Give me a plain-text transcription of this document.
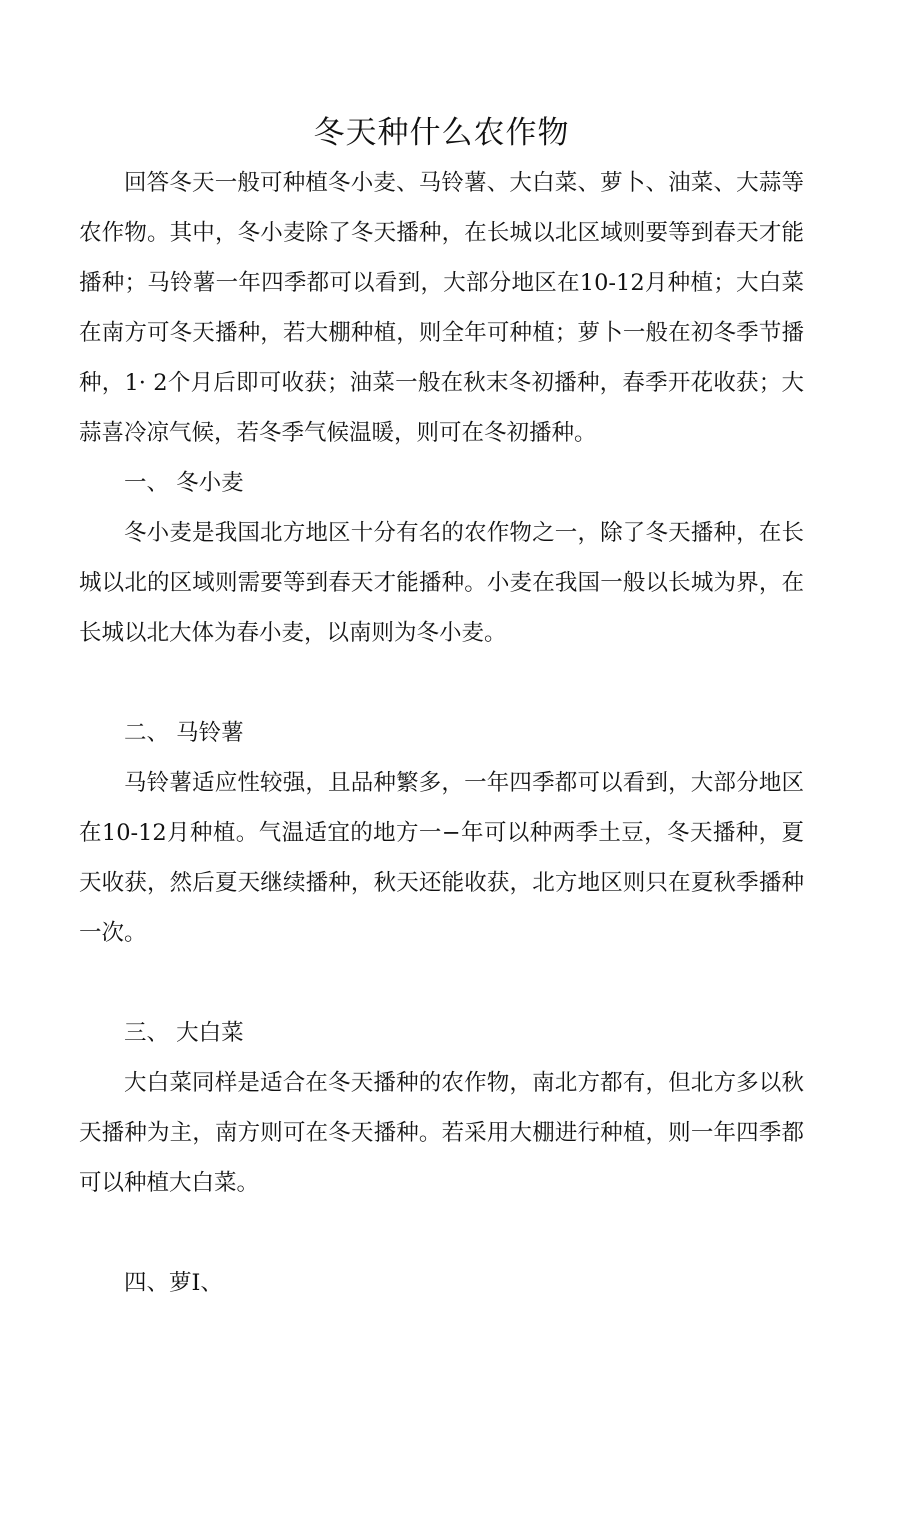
冬天种什么农作物

回答冬天一般可种植冬小麦、马铃薯、大白菜、萝卜、油菜、大蒜等农作物。其中，冬小麦除了冬天播种，在长城以北区域则要等到春天才能播种；马铃薯一年四季都可以看到，大部分地区在10-12月种植；大白菜在南方可冬天播种，若大棚种植，则全年可种植；萝卜一般在初冬季节播种，1· 2个月后即可收获；油菜一般在秋末冬初播种，春季开花收获；大蒜喜冷凉气候，若冬季气候温暖，则可在冬初播种。

一、 冬小麦

冬小麦是我国北方地区十分有名的农作物之一，除了冬天播种，在长城以北的区域则需要等到春天才能播种。小麦在我国一般以长城为界，在长城以北大体为春小麦，以南则为冬小麦。

二、 马铃薯

马铃薯适应性较强，且品种繁多，一年四季都可以看到，大部分地区在10-12月种植。气温适宜的地方一−年可以种两季土豆，冬天播种，夏天收获，然后夏天继续播种，秋天还能收获，北方地区则只在夏秋季播种一次。

三、 大白菜

大白菜同样是适合在冬天播种的农作物，南北方都有，但北方多以秋天播种为主，南方则可在冬天播种。若采用大棚进行种植，则一年四季都可以种植大白菜。

四、萝I、
